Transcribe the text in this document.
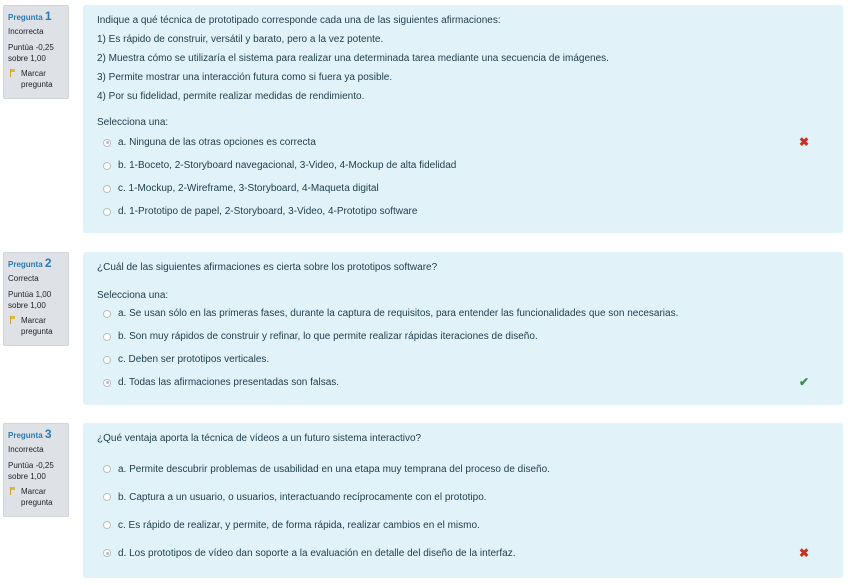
Pregunta 1
Incorrecta
Puntúa -0,25
sobre 1,00
Marcar
pregunta
Indique a qué técnica de prototipado corresponde cada una de las siguientes afirmaciones:
1) Es rápido de construir, versátil y barato, pero a la vez potente.
2) Muestra cómo se utilizaría el sistema para realizar una determinada tarea mediante una secuencia de imágenes.
3) Permite mostrar una interacción futura como si fuera ya posible.
4) Por su fidelidad, permite realizar medidas de rendimiento.
Selecciona una:
a. Ninguna de las otras opciones es correcta	✖
b. 1-Boceto, 2-Storyboard navegacional, 3-Video, 4-Mockup de alta fidelidad
c. 1-Mockup, 2-Wireframe, 3-Storyboard, 4-Maqueta digital
d. 1-Prototipo de papel, 2-Storyboard, 3-Video, 4-Prototipo software
Pregunta 2
Correcta
Puntúa 1,00
sobre 1,00
Marcar
pregunta
¿Cuál de las siguientes afirmaciones es cierta sobre los prototipos software?
Selecciona una:
a. Se usan sólo en las primeras fases, durante la captura de requisitos, para entender las funcionalidades que son necesarias.
b. Son muy rápidos de construir y refinar, lo que permite realizar rápidas iteraciones de diseño.
c. Deben ser prototipos verticales.
d. Todas las afirmaciones presentadas son falsas.	✔
Pregunta 3
Incorrecta
Puntúa -0,25
sobre 1,00
Marcar
pregunta
¿Qué ventaja aporta la técnica de vídeos a un futuro sistema interactivo?
a. Permite descubrir problemas de usabilidad en una etapa muy temprana del proceso de diseño.
b. Captura a un usuario, o usuarios, interactuando recíprocamente con el prototipo.
c. Es rápido de realizar, y permite, de forma rápida, realizar cambios en el mismo.
d. Los prototipos de vídeo dan soporte a la evaluación en detalle del diseño de la interfaz.	✖
